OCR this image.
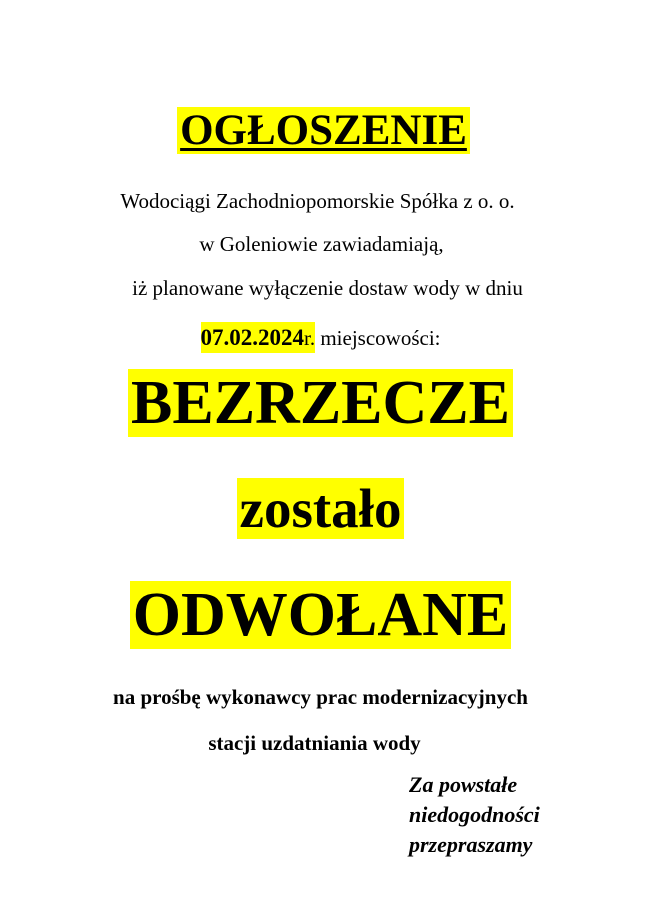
OGŁOSZENIE
Wodociągi Zachodniopomorskie Spółka z o. o.
w Goleniowie zawiadamiają,
iż planowane wyłączenie dostaw wody w dniu
07.02.2024r. miejscowości:
BEZRZECZE
zostało
ODWOŁANE
na prośbę wykonawcy prac modernizacyjnych
stacji uzdatniania wody
Za powstałe
niedogodności
przepraszamy
